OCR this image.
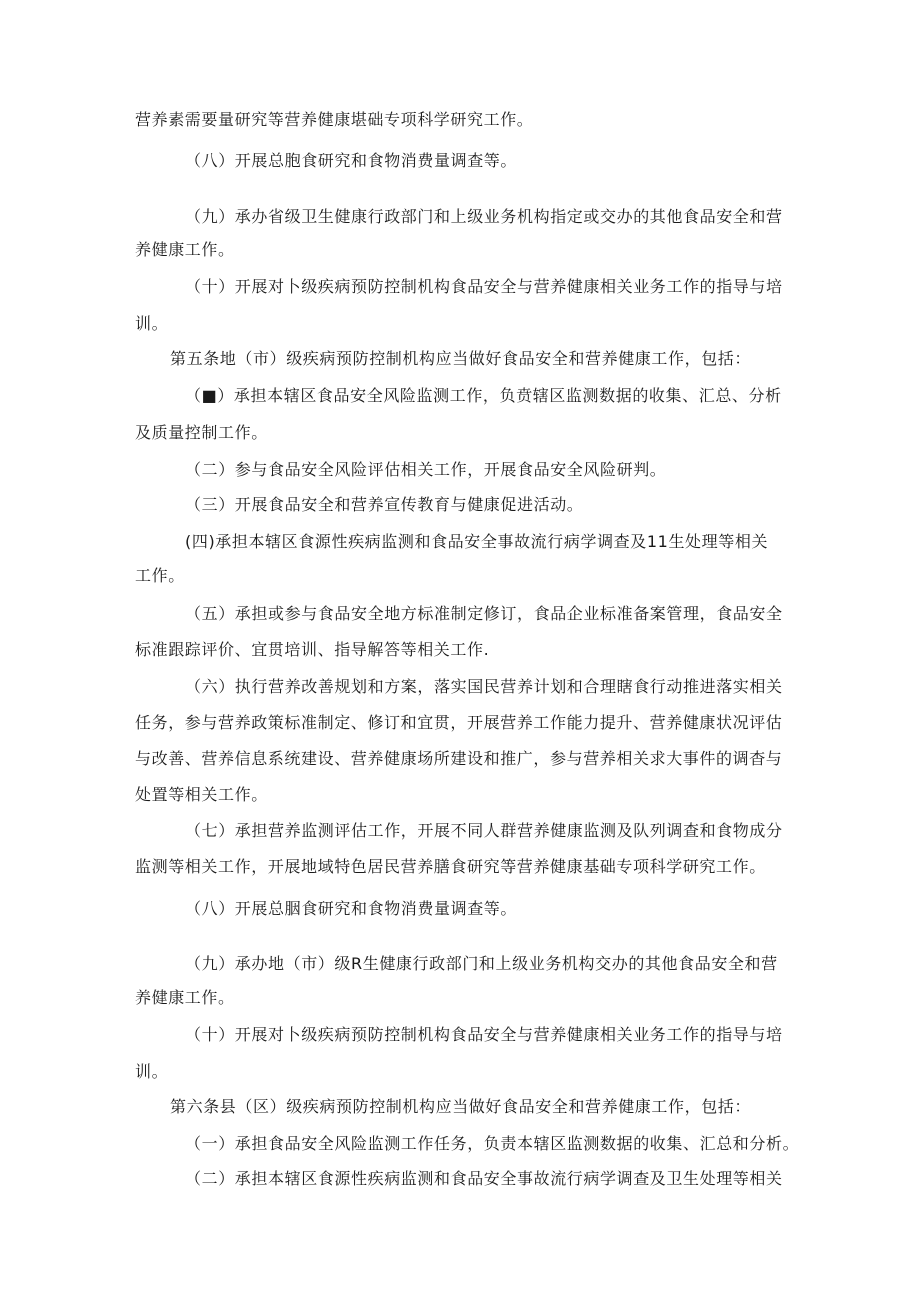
营养素需要量研究等营养健康堪础专项科学研究工作。
（八）开展总胞食研究和食物消费量调查等。
（九）承办省级卫生健康行政部门和上级业务机构指定或交办的其他食品安全和营
养健康工作。
（十）开展对卜级疾病预防控制机构食品安全与营养健康相关业务工作的指导与培
训。
第五条地（市）级疾病预防控制机构应当做好食品安全和营养健康工作，包括：
（■）承担本辖区食品安全风险监测工作，负贲辖区监测数据的收集、汇总、分析
及质量控制工作。
（二）参与食品安全风险评估相关工作，开展食品安全风险研判。
（三）开展食品安全和营养宣传教育与健康促进活动。
(四)承担本辖区食源性疾病监测和食品安全事故流行病学调查及11生处理等相关
工作。
（五）承担或参与食品安全地方标准制定修订，食品企业标准备案管理，食品安全
标准跟踪评价、宜贯培训、指导解答等相关工作.
（六）执行营养改善规划和方案，落实国民营养计划和合理瞎食行动推进落实相关
任务，参与营养政策标准制定、修订和宜贯，开展营养工作能力提升、营养健康状况评估
与改善、营养信息系统建设、营养健康场所建设和推广，参与营养相关求大事件的调杳与
处置等相关工作。
（七）承担营养监测评估工作，开展不同人群营养健康监测及队列调查和食物成分
监测等相关工作，开展地域特色居民营养膳食研究等营养健康基础专项科学研究工作。
（八）开展总胭食研究和食物消费量调查等。
（九）承办地（市）级R生健康行政部门和上级业务机构交办的其他食品安全和营
养健康工作。
（十）开展对卜级疾病预防控制机构食品安全与营养健康相关业务工作的指导与培
训。
第六条县（区）级疾病预防控制机构应当做好食品安全和营养健康工作，包括：
（一）承担食品安全风险监测工作任务，负责本辖区监测数据的收集、汇总和分析。
（二）承担本辖区食源性疾病监测和食品安全事故流行病学调查及卫生处理等相关
